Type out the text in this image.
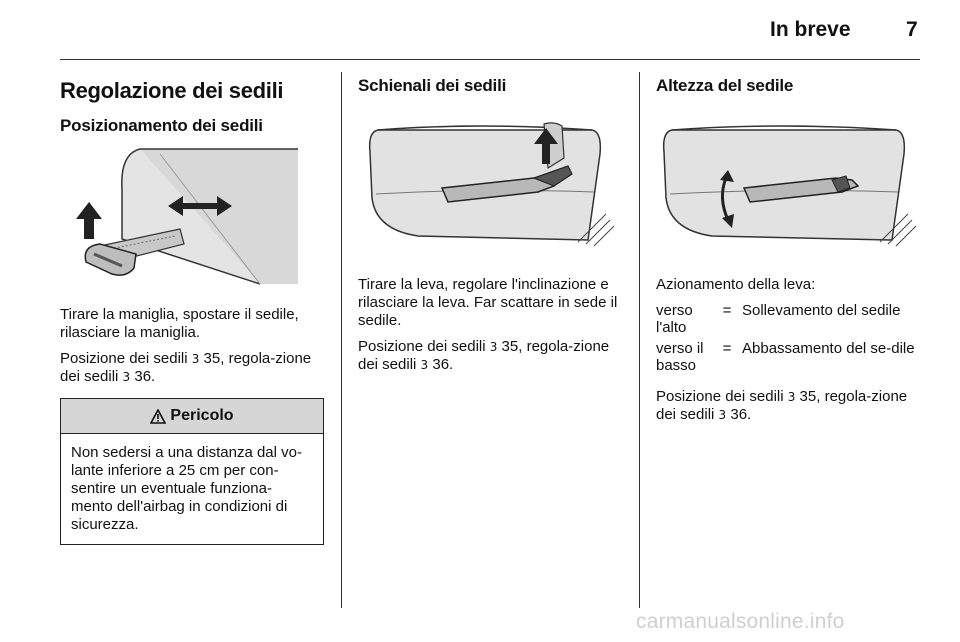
In breve	7
Regolazione dei sedili
Posizionamento dei sedili

Tirare la maniglia, spostare il sedile, rilasciare la maniglia.

Posizione dei sedili 3 35, regola-zione dei sedili 3 36.

Pericolo
Non sedersi a una distanza dal vo-lante inferiore a 25 cm per con-sentire un eventuale funziona-mento dell'airbag in condizioni di sicurezza.
Schienali dei sedili

Tirare la leva, regolare l'inclinazione e rilasciare la leva. Far scattare in sede il sedile.

Posizione dei sedili 3 35, regola-zione dei sedili 3 36.

Altezza del sedile

Azionamento della leva:

verso l'alto	=	Sollevamento del sedile
verso il basso	=	Abbassamento del se-dile

Posizione dei sedili 3 35, regola-zione dei sedili 3 36.

carmanualsonline.info
